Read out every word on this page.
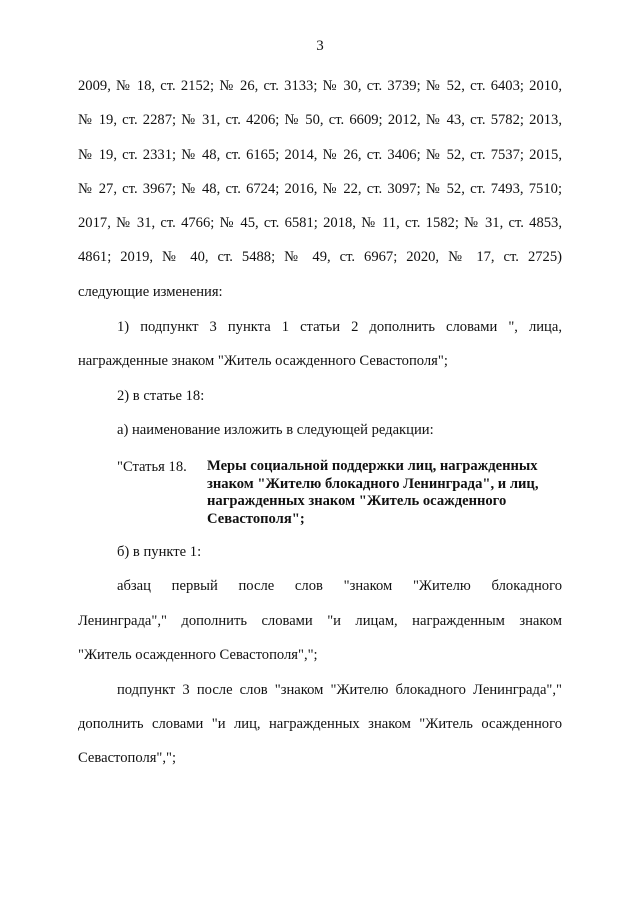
3
2009, № 18, ст. 2152; № 26, ст. 3133; № 30, ст. 3739; № 52, ст. 6403; 2010,
№ 19, ст. 2287; № 31, ст. 4206; № 50, ст. 6609; 2012, № 43, ст. 5782; 2013,
№ 19, ст. 2331; № 48, ст. 6165; 2014, № 26, ст. 3406; № 52, ст. 7537; 2015,
№ 27, ст. 3967; № 48, ст. 6724; 2016, № 22, ст. 3097; № 52, ст. 7493, 7510;
2017, № 31, ст. 4766; № 45, ст. 6581; 2018, № 11, ст. 1582; № 31, ст. 4853,
4861; 2019, № 40, ст. 5488; № 49, ст. 6967; 2020, № 17, ст. 2725)
следующие изменения:
1) подпункт 3 пункта 1 статьи 2 дополнить словами ", лица,
награжденные знаком "Житель осажденного Севастополя";
2) в статье 18:
а) наименование изложить в следующей редакции:
"Статья 18. Меры социальной поддержки лиц, награжденных
знаком "Жителю блокадного Ленинграда", и лиц,
награжденных знаком "Житель осажденного
Севастополя";
б) в пункте 1:
абзац первый после слов "знаком "Жителю блокадного
Ленинграда"," дополнить словами "и лицам, награжденным знаком
"Житель осажденного Севастополя",";
подпункт 3 после слов "знаком "Жителю блокадного Ленинграда","
дополнить словами "и лиц, награжденных знаком "Житель осажденного
Севастополя",";
